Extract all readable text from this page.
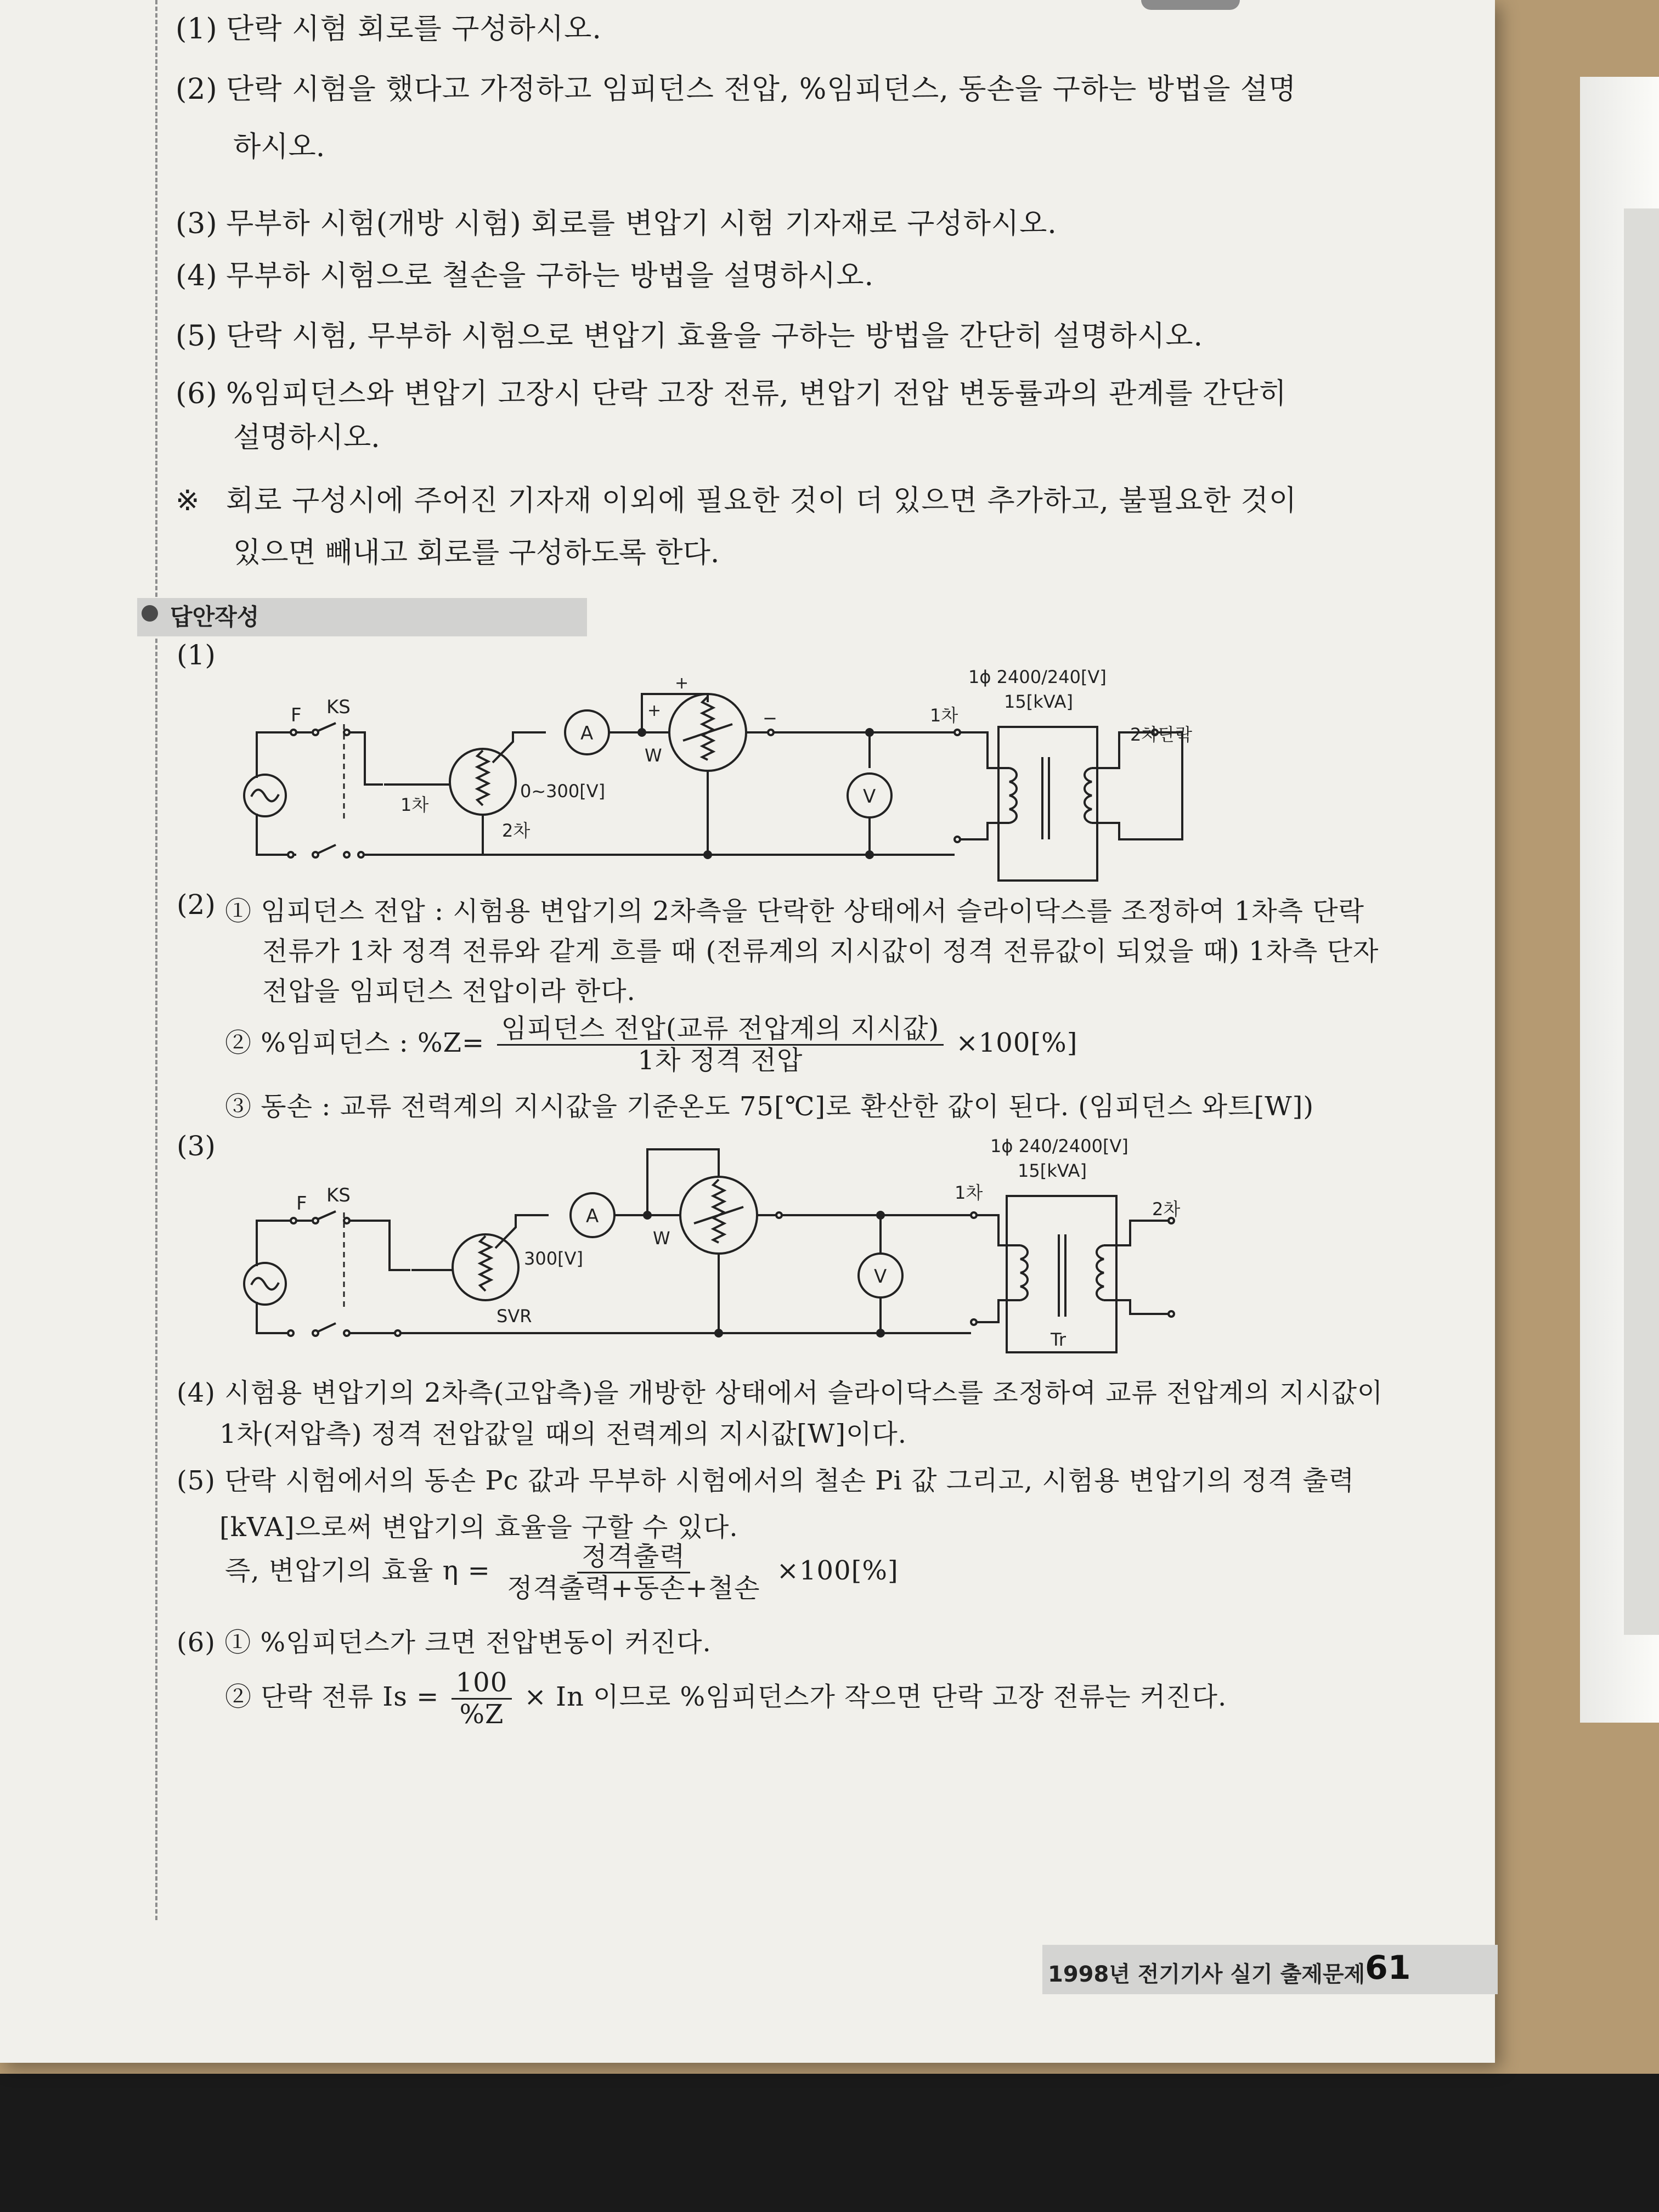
(1) 단락 시험 회로를 구성하시오.
(2) 단락 시험을 했다고 가정하고 임피던스 전압, %임피던스, 동손을 구하는 방법을 설명
하시오.
(3) 무부하 시험(개방 시험) 회로를 변압기 시험 기자재로 구성하시오.
(4) 무부하 시험으로 철손을 구하는 방법을 설명하시오.
(5) 단락 시험, 무부하 시험으로 변압기 효율을 구하는 방법을 간단히 설명하시오.
(6) %임피던스와 변압기 고장시 단락 고장 전류, 변압기 전압 변동률과의 관계를 간단히
설명하시오.
※ 회로 구성시에 주어진 기자재 이외에 필요한 것이 더 있으면 추가하고, 불필요한 것이
있으면 빼내고 회로를 구성하도록 한다.
답안작성
(1)
F KS
1차
0~300[V]
2차
A
W
+
+	−
V
1차
1ϕ 2400/240[V]
15[kVA]
2차단락
(2) ① 임피던스 전압 : 시험용 변압기의 2차측을 단락한 상태에서 슬라이닥스를 조정하여 1차측 단락
전류가 1차 정격 전류와 같게 흐를 때 (전류계의 지시값이 정격 전류값이 되었을 때) 1차측 단자
전압을 임피던스 전압이라 한다.
② %임피던스 : $\%Z= \frac{\text{임피던스 전압(교류 전압계의 지시값)}}{\text{1차 정격 전압}} \times 100[\%]$
③ 동손 : 교류 전력계의 지시값을 기준온도 75[℃]로 환산한 값이 된다. (임피던스 와트[W])
(3)
F KS
A
W
300[V]
SVR
V
1차
1ϕ 240/2400[V]
15[kVA]
2차
Tr
(4) 시험용 변압기의 2차측(고압측)을 개방한 상태에서 슬라이닥스를 조정하여 교류 전압계의 지시값이
1차(저압측) 정격 전압값일 때의 전력계의 지시값[W]이다.
(5) 단락 시험에서의 동손 Pc 값과 무부하 시험에서의 철손 Pi 값 그리고, 시험용 변압기의 정격 출력
[kVA]으로써 변압기의 효율을 구할 수 있다.
즉, 변압기의 효율 $\eta = \frac{\text{정격출력}}{\text{정격출력+동손+철손}} \times 100[\%]$
(6) ① %임피던스가 크면 전압변동이 커진다.
② 단락 전류 $Is = \frac{100}{\%Z} \times In$ 이므로 %임피던스가 작으면 단락 고장 전류는 커진다.
1998년 전기기사 실기 출제문제 61
